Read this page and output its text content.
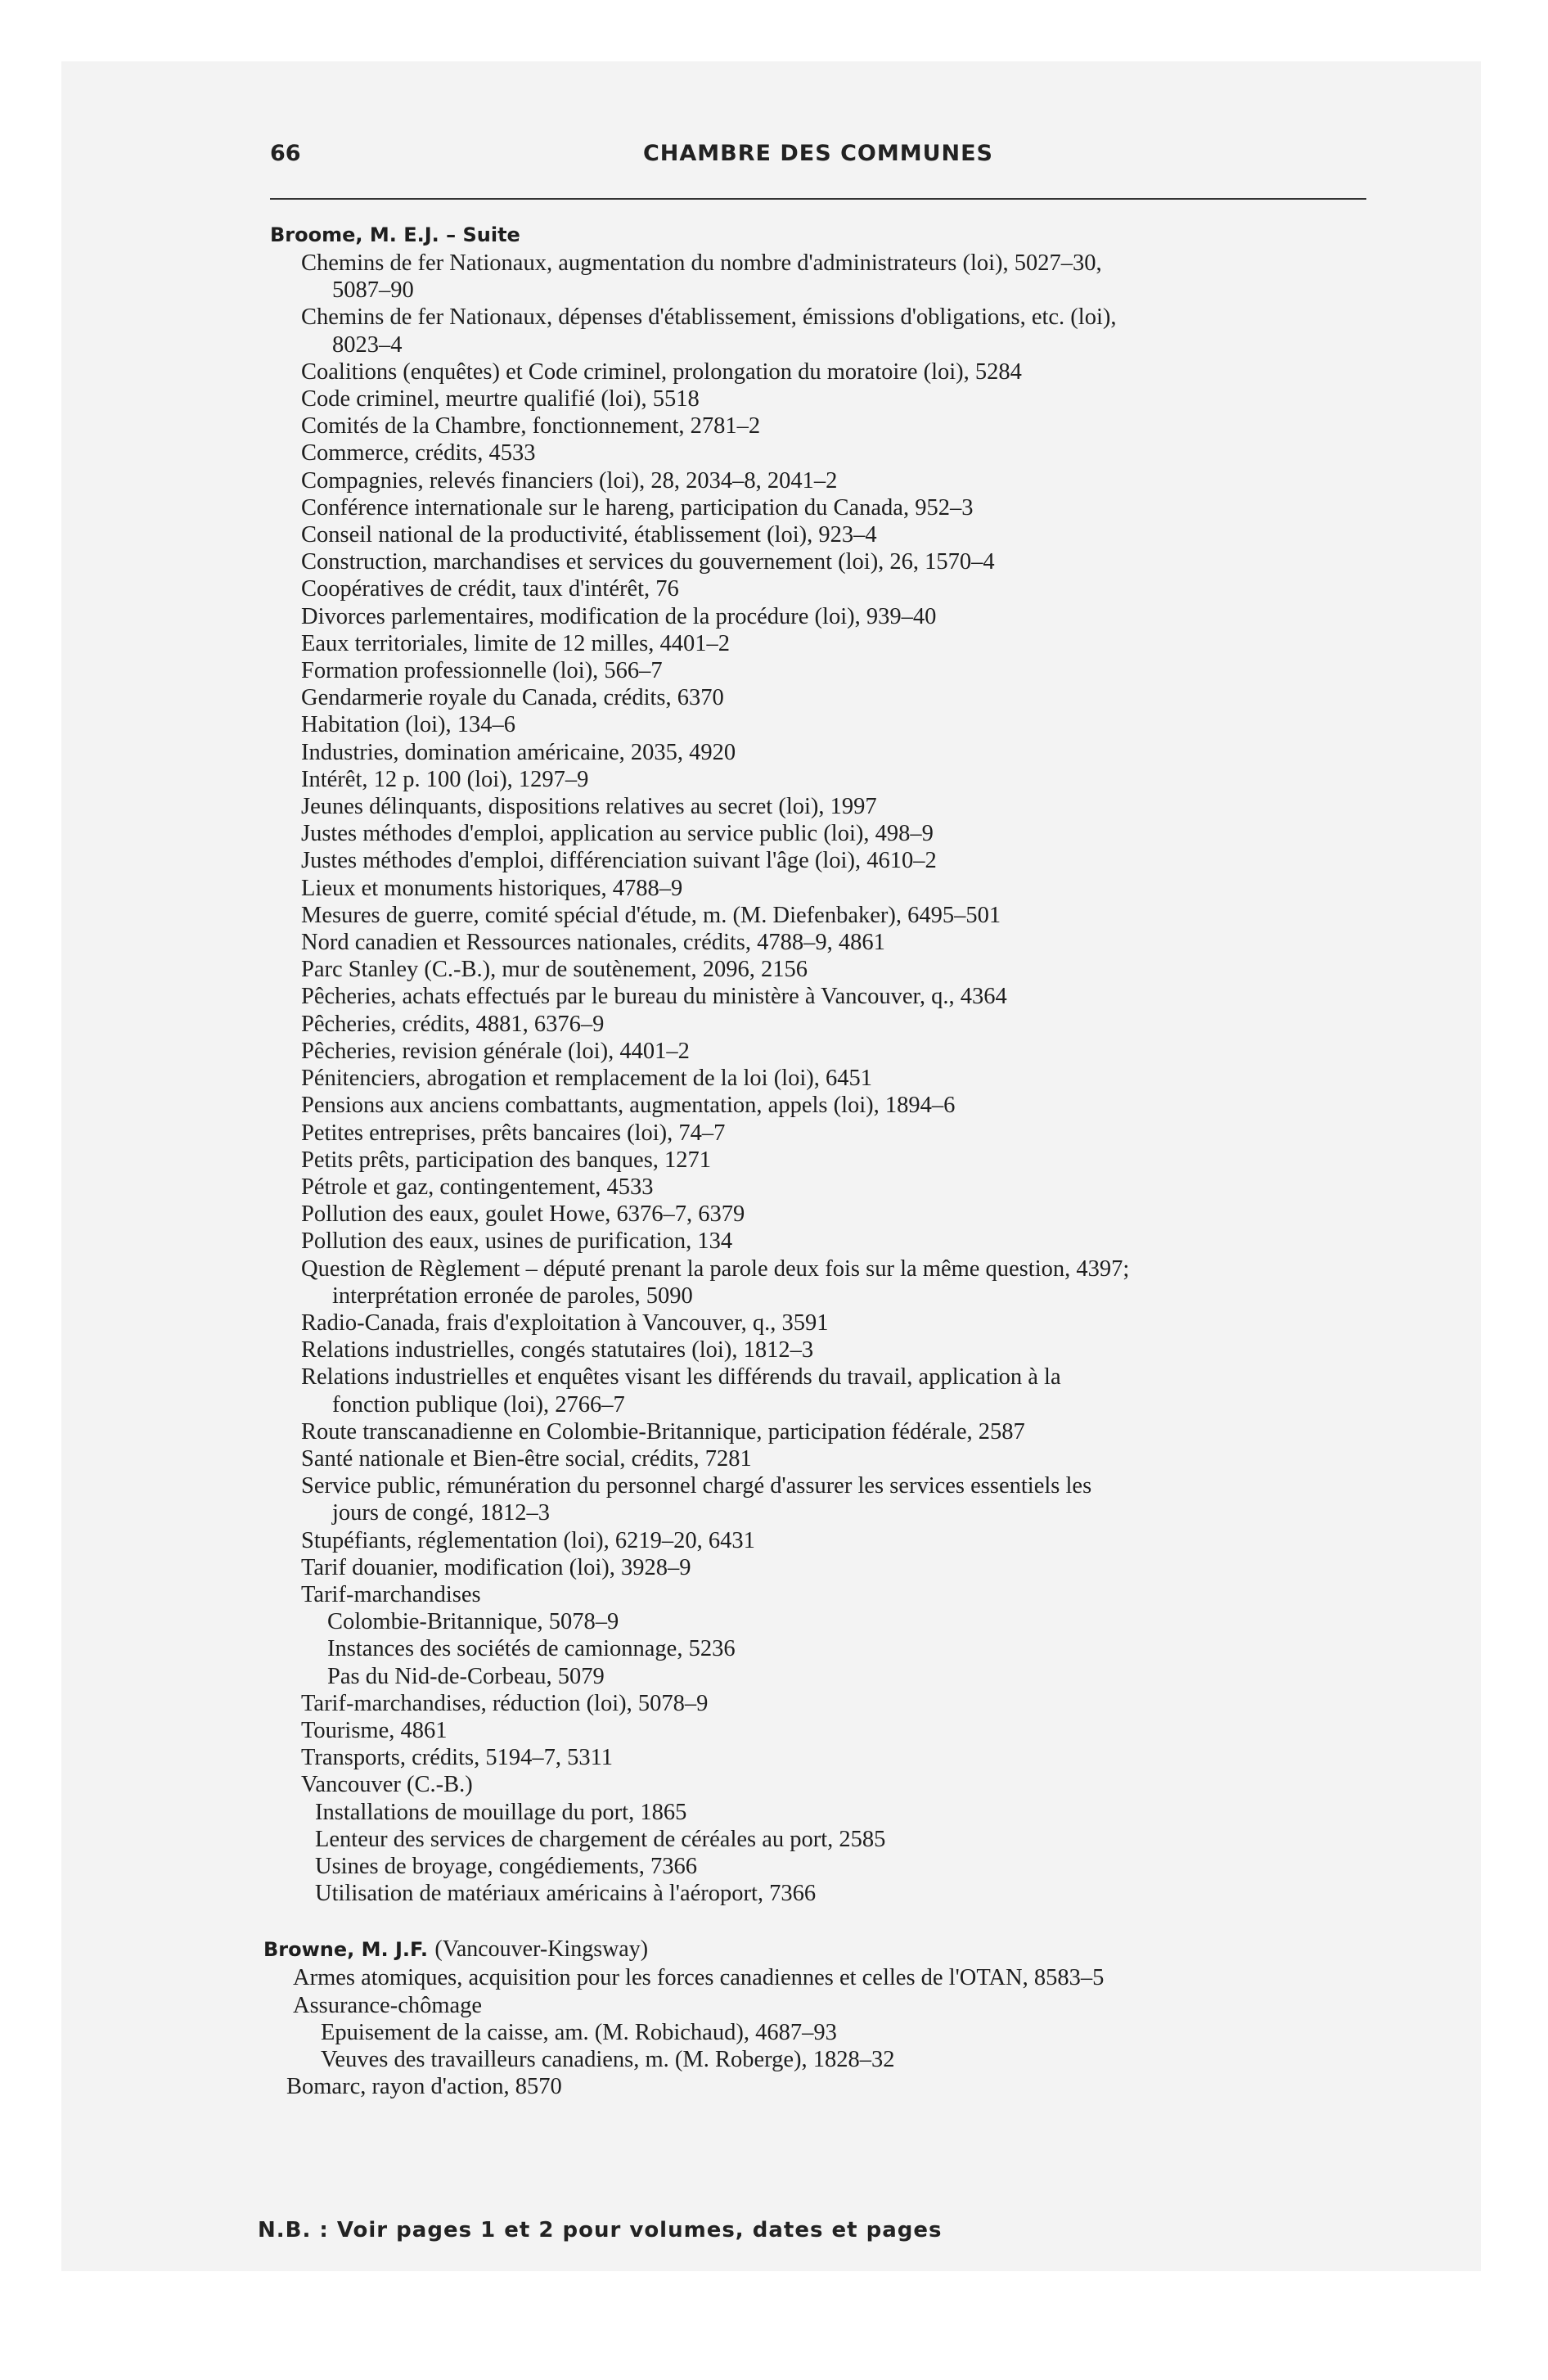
66	CHAMBRE DES COMMUNES
Broome, M. E.J. – Suite
Chemins de fer Nationaux, augmentation du nombre d'administrateurs (loi), 5027–30,
5087–90
Chemins de fer Nationaux, dépenses d'établissement, émissions d'obligations, etc. (loi),
8023–4
Coalitions (enquêtes) et Code criminel, prolongation du moratoire (loi), 5284
Code criminel, meurtre qualifié (loi), 5518
Comités de la Chambre, fonctionnement, 2781–2
Commerce, crédits, 4533
Compagnies, relevés financiers (loi), 28, 2034–8, 2041–2
Conférence internationale sur le hareng, participation du Canada, 952–3
Conseil national de la productivité, établissement (loi), 923–4
Construction, marchandises et services du gouvernement (loi), 26, 1570–4
Coopératives de crédit, taux d'intérêt, 76
Divorces parlementaires, modification de la procédure (loi), 939–40
Eaux territoriales, limite de 12 milles, 4401–2
Formation professionnelle (loi), 566–7
Gendarmerie royale du Canada, crédits, 6370
Habitation (loi), 134–6
Industries, domination américaine, 2035, 4920
Intérêt, 12 p. 100 (loi), 1297–9
Jeunes délinquants, dispositions relatives au secret (loi), 1997
Justes méthodes d'emploi, application au service public (loi), 498–9
Justes méthodes d'emploi, différenciation suivant l'âge (loi), 4610–2
Lieux et monuments historiques, 4788–9
Mesures de guerre, comité spécial d'étude, m. (M. Diefenbaker), 6495–501
Nord canadien et Ressources nationales, crédits, 4788–9, 4861
Parc Stanley (C.-B.), mur de soutènement, 2096, 2156
Pêcheries, achats effectués par le bureau du ministère à Vancouver, q., 4364
Pêcheries, crédits, 4881, 6376–9
Pêcheries, revision générale (loi), 4401–2
Pénitenciers, abrogation et remplacement de la loi (loi), 6451
Pensions aux anciens combattants, augmentation, appels (loi), 1894–6
Petites entreprises, prêts bancaires (loi), 74–7
Petits prêts, participation des banques, 1271
Pétrole et gaz, contingentement, 4533
Pollution des eaux, goulet Howe, 6376–7, 6379
Pollution des eaux, usines de purification, 134
Question de Règlement – député prenant la parole deux fois sur la même question, 4397;
interprétation erronée de paroles, 5090
Radio-Canada, frais d'exploitation à Vancouver, q., 3591
Relations industrielles, congés statutaires (loi), 1812–3
Relations industrielles et enquêtes visant les différends du travail, application à la
fonction publique (loi), 2766–7
Route transcanadienne en Colombie-Britannique, participation fédérale, 2587
Santé nationale et Bien-être social, crédits, 7281
Service public, rémunération du personnel chargé d'assurer les services essentiels les
jours de congé, 1812–3
Stupéfiants, réglementation (loi), 6219–20, 6431
Tarif douanier, modification (loi), 3928–9
Tarif-marchandises
Colombie-Britannique, 5078–9
Instances des sociétés de camionnage, 5236
Pas du Nid-de-Corbeau, 5079
Tarif-marchandises, réduction (loi), 5078–9
Tourisme, 4861
Transports, crédits, 5194–7, 5311
Vancouver (C.-B.)
Installations de mouillage du port, 1865
Lenteur des services de chargement de céréales au port, 2585
Usines de broyage, congédiements, 7366
Utilisation de matériaux américains à l'aéroport, 7366
Browne, M. J.F. (Vancouver-Kingsway)
Armes atomiques, acquisition pour les forces canadiennes et celles de l'OTAN, 8583–5
Assurance-chômage
Epuisement de la caisse, am. (M. Robichaud), 4687–93
Veuves des travailleurs canadiens, m. (M. Roberge), 1828–32
Bomarc, rayon d'action, 8570
N.B. : Voir pages 1 et 2 pour volumes, dates et pages
